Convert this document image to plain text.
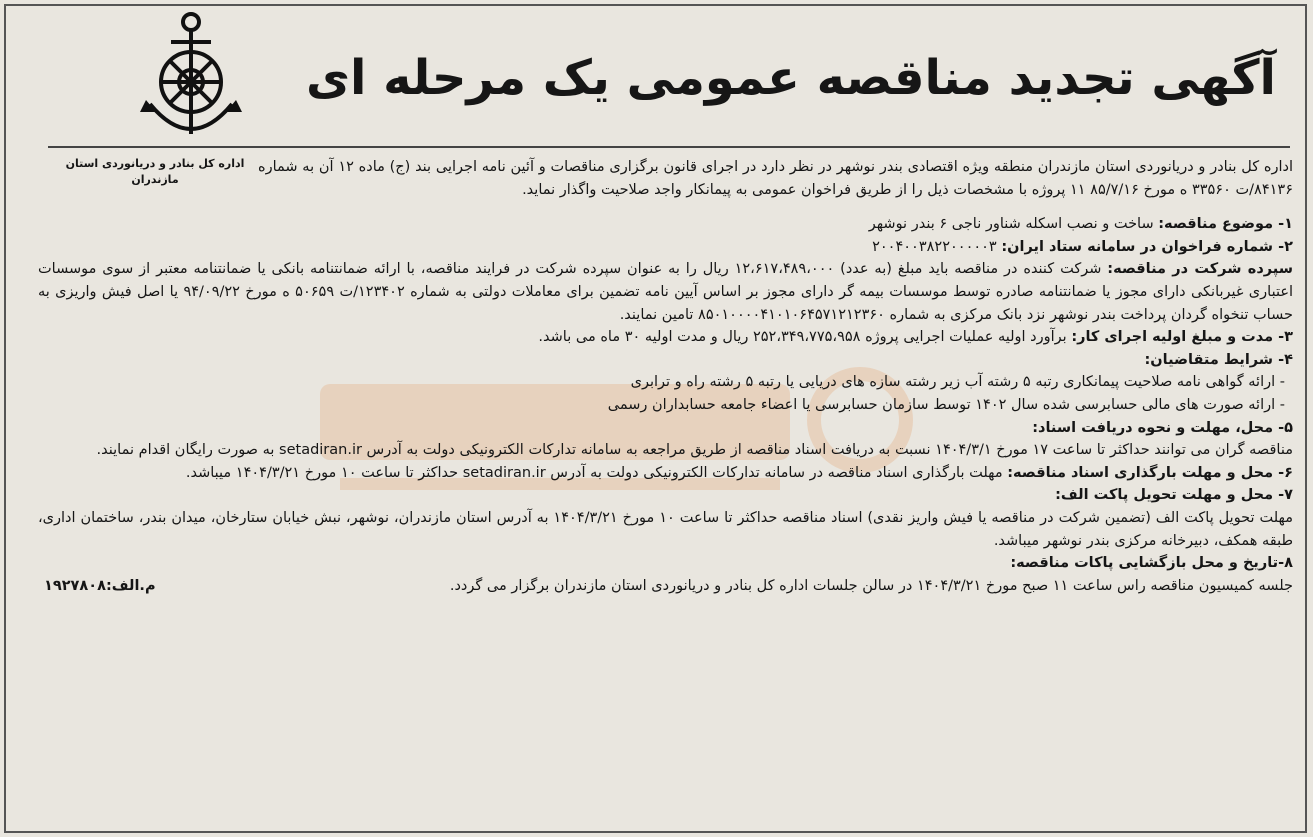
آگهی تجدید مناقصه عمومی یک مرحله ای
اداره کل بنادر و دریانوردی استان مازندران

اداره کل بنادر و دریانوردی استان مازندران منطقه ویژه اقتصادی بندر نوشهر در نظر دارد در اجرای قانون برگزاری مناقصات و آئین نامه اجرایی بند (ج) ماده ۱۲ آن به شماره ۸۴۱۳۶/ت ۳۳۵۶۰ ه مورخ ۸۵/۷/۱۶ ۱۱ پروژه با مشخصات ذیل را از طریق فراخوان عمومی به پیمانکار واجد صلاحیت واگذار نماید.

۱- موضوع مناقصه: ساخت و نصب اسکله شناور ناجی ۶ بندر نوشهر

۲- شماره فراخوان در سامانه ستاد ایران: ۲۰۰۴۰۰۳۸۲۲۰۰۰۰۰۳

سپرده شرکت در مناقصه: شرکت کننده در مناقصه باید مبلغ (به عدد) ۱۲،۶۱۷،۴۸۹،۰۰۰ ریال را به عنوان سپرده شرکت در فرایند مناقصه، با ارائه ضمانتنامه بانکی یا ضمانتنامه معتبر از سوی موسسات اعتباری غیربانکی دارای مجوز یا ضمانتنامه صادره توسط موسسات بیمه گر دارای مجوز بر اساس آیین نامه تضمین برای معاملات دولتی به شماره ۱۲۳۴۰۲/ت ۵۰۶۵۹ ه مورخ ۹۴/۰۹/۲۲ یا اصل فیش واریزی به حساب تنخواه گردان پرداخت بندر نوشهر نزد بانک مرکزی به شماره ۸۵۰۱۰۰۰۰۴۱۰۱۰۶۴۵۷۱۲۱۲۳۶۰ تامین نمایند.

۳- مدت و مبلغ اولیه اجرای کار: برآورد اولیه عملیات اجرایی پروژه ۲۵۲،۳۴۹،۷۷۵،۹۵۸ ریال و مدت اولیه ۳۰ ماه می باشد.

۴- شرایط متقاضیان:

- ارائه گواهی نامه صلاحیت پیمانکاری رتبه ۵ رشته آب زیر رشته سازه های دریایی یا رتبه ۵ رشته راه و ترابری

- ارائه صورت های مالی حسابرسی شده سال ۱۴۰۲ توسط سازمان حسابرسی یا اعضاء جامعه حسابداران رسمی

۵- محل، مهلت و نحوه دریافت اسناد:

مناقصه گران می توانند حداکثر تا ساعت ۱۷ مورخ ۱۴۰۴/۳/۱ نسبت به دریافت اسناد مناقصه از طریق مراجعه به سامانه تدارکات الکترونیکی دولت به آدرس setadiran.ir به صورت رایگان اقدام نمایند.

۶- محل و مهلت بارگذاری اسناد مناقصه: مهلت بارگذاری اسناد مناقصه در سامانه تدارکات الکترونیکی دولت به آدرس setadiran.ir حداکثر تا ساعت ۱۰ مورخ ۱۴۰۴/۳/۲۱ میباشد.

۷- محل و مهلت تحویل پاکت الف:

مهلت تحویل پاکت الف (تضمین شرکت در مناقصه یا فیش واریز نقدی) اسناد مناقصه حداکثر تا ساعت ۱۰ مورخ ۱۴۰۴/۳/۲۱ به آدرس استان مازندران، نوشهر، نبش خیابان ستارخان، میدان بندر، ساختمان اداری، طبقه همکف، دبیرخانه مرکزی بندر نوشهر میباشد.

۸-تاریخ و محل بازگشایی پاکات مناقصه:

جلسه کمیسیون مناقصه راس ساعت ۱۱ صبح مورخ ۱۴۰۴/۳/۲۱ در سالن جلسات اداره کل بنادر و دریانوردی استان مازندران برگزار می گردد.
م.الف:۱۹۲۷۸۰۸
